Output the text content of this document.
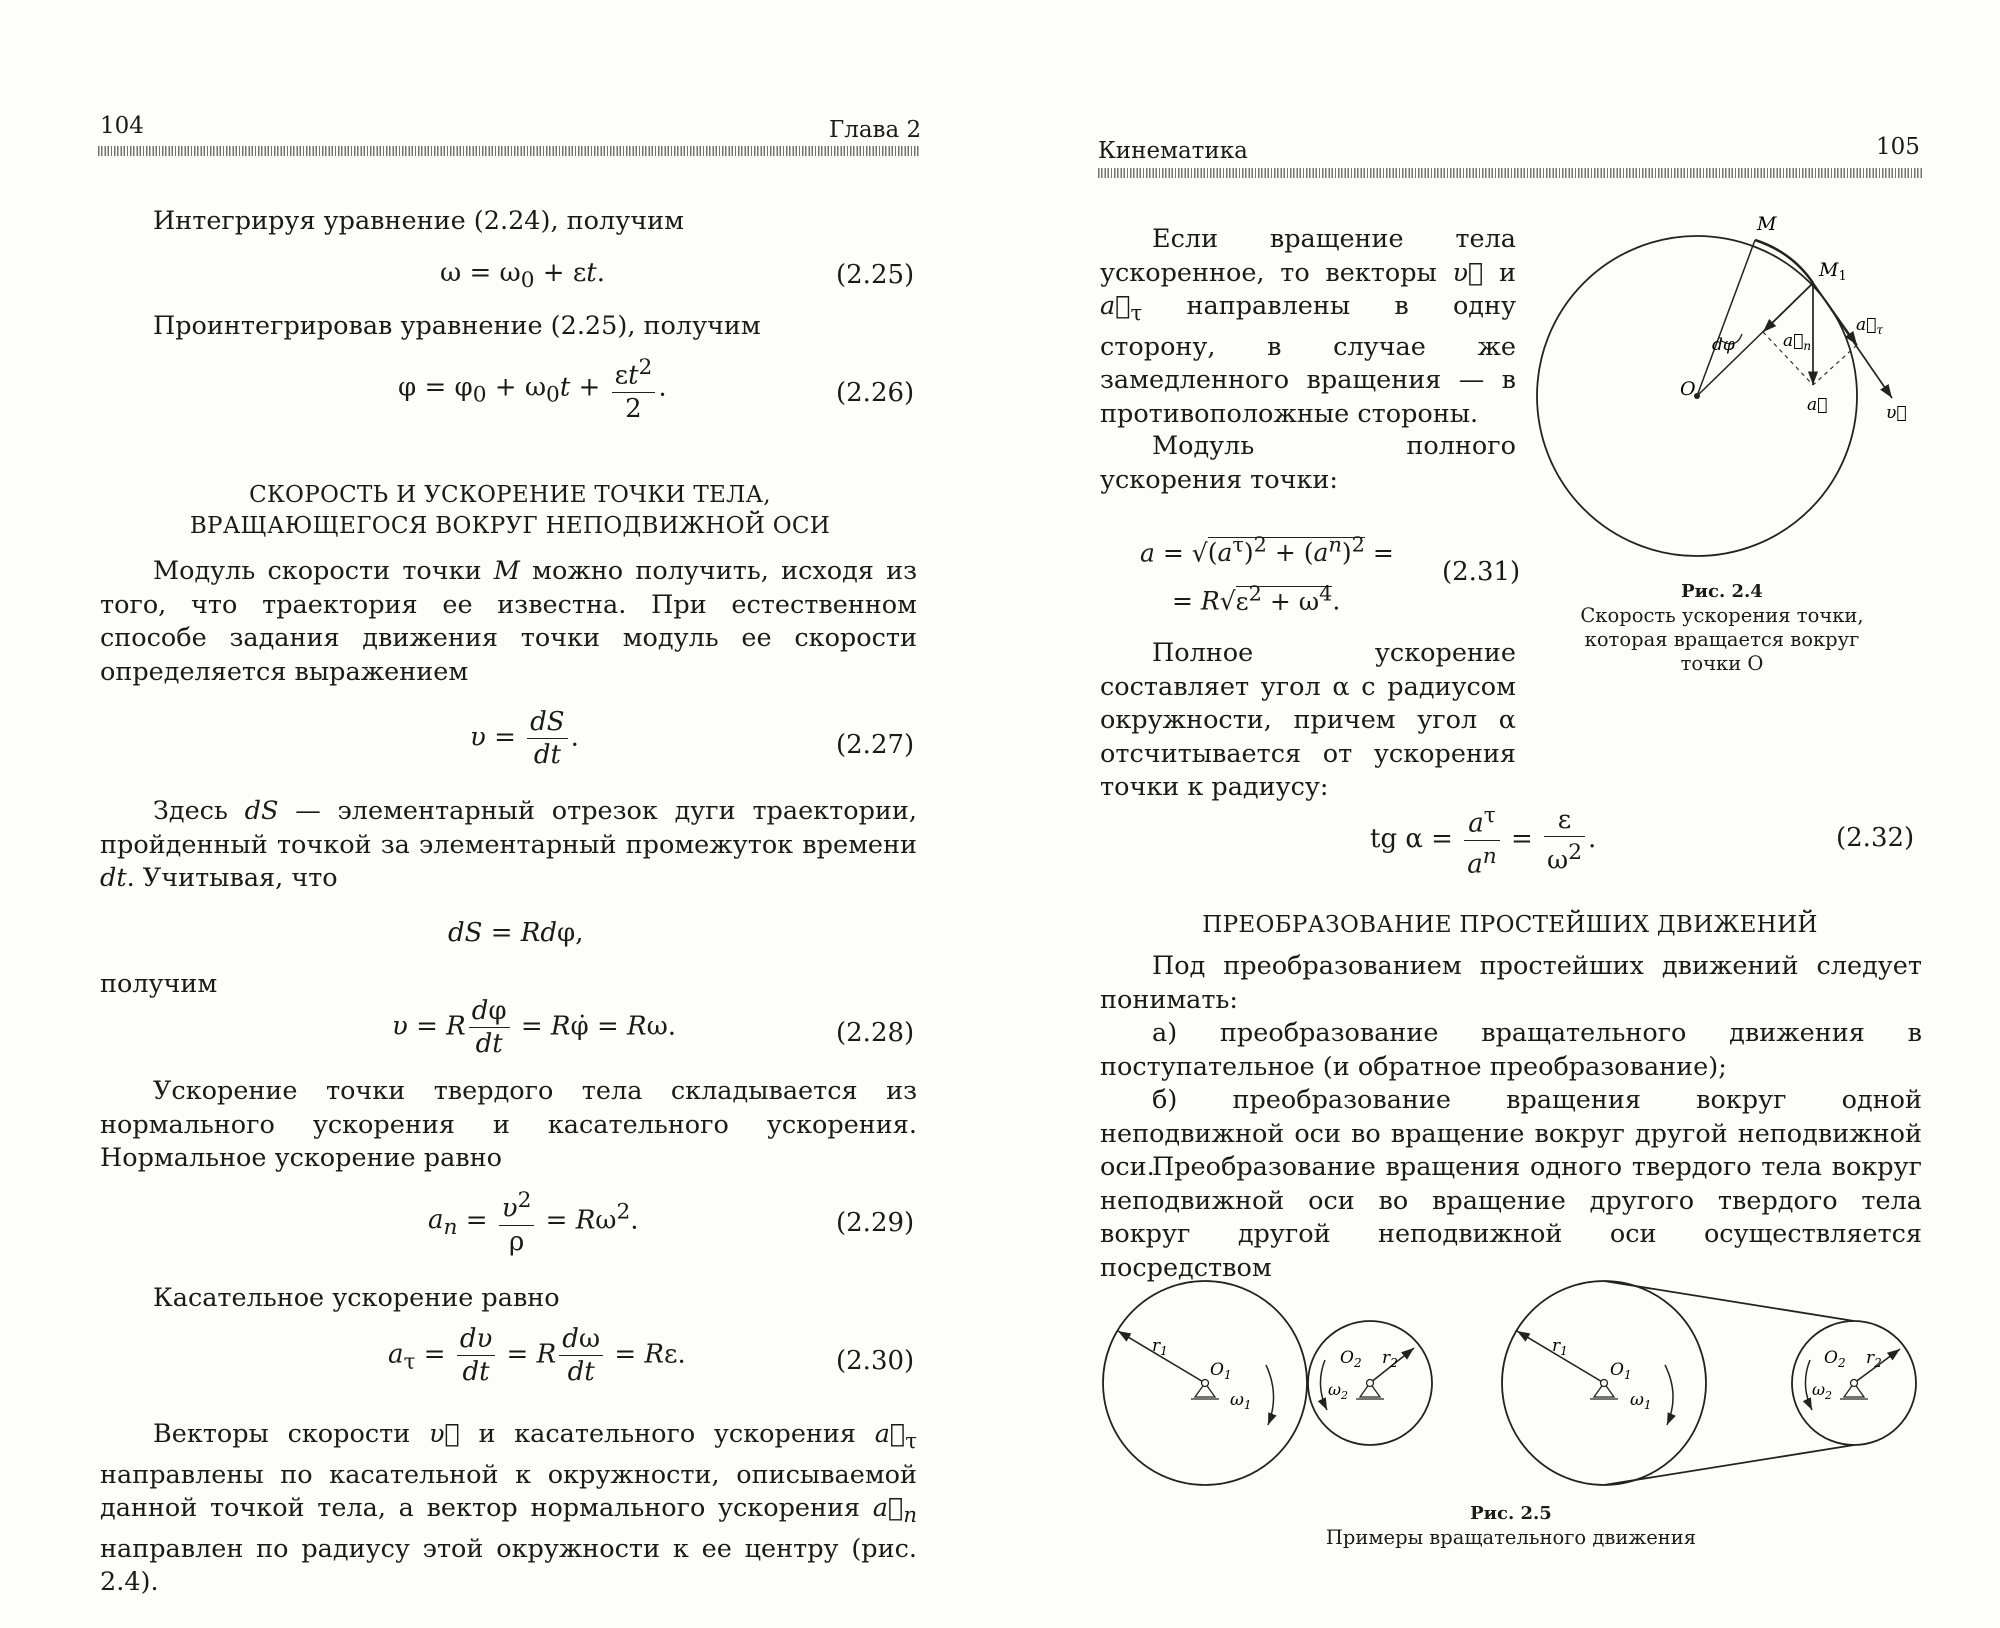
104	Глава 2
Интегрируя уравнение (2.24), получим
$\omega = \omega_0 + \varepsilon t$.	(2.25)
Проинтегрировав уравнение (2.25), получим
$\varphi = \varphi_0 + \omega_0t + \frac{\varepsilon t^2}{2}$ .	(2.26)
СКОРОСТЬ И УСКОРЕНИЕ ТОЧКИ ТЕЛА,
ВРАЩАЮЩЕГОСЯ ВОКРУГ НЕПОДВИЖНОЙ ОСИ
Модуль скорости точки M можно получить, исходя из того, что траектория ее известна. При естественном способе задания движения точки модуль ее скорости определяется выражением
$\upsilon = \frac{dS}{dt}$ .	(2.27)
Здесь dS — элементарный отрезок дуги траектории, пройденный точкой за элементарный промежуток времени dt. Учитывая, что
dS = Rdφ,
получим
υ = R $\frac{d\varphi}{dt}$ = Rφ̇ = Rω.	(2.28)
Ускорение точки твердого тела складывается из нормального ускорения и касательного ускорения. Нормальное ускорение равно
$a_n = \frac{\upsilon^2}{\rho} = R\omega^2$.	(2.29)
Касательное ускорение равно
$a_\tau = \frac{d\upsilon}{dt} = R \frac{d\omega}{dt} = R\varepsilon$.	(2.30)
Векторы скорости υ⃗ и касательного ускорения $a⃗_\tau$ направлены по касательной к окружности, описываемой данной точкой тела, а вектор нормального ускорения $a⃗_n$ направлен по радиусу этой окружности к ее центру (рис. 2.4).
Кинематика	105
Если вращение тела ускоренное, то векторы υ⃗ и $a⃗_\tau$ направлены в одну сторону, в случае же замедленного вращения — в противоположные стороны.
Модуль полного ускорения точки:
$a = √(a^\tau)^2 + (a^n)^2$ =
= $R√\varepsilon^2 + \omega^4$.
(2.31)
Полное ускорение составляет угол α с радиусом окружности, причем угол α отсчитывается от ускорения точки к радиусу:
tg $\alpha = \frac{a^\tau}{a^n} = \frac{\varepsilon}{\omega^2}$ .	(2.32)
M
$M_1$
O
dφ	$a⃗_n$
$a⃗_\tau$
a⃗	υ⃗
Рис. 2.4
Скорость ускорения точки,
которая вращается вокруг
точки O
ПРЕОБРАЗОВАНИЕ ПРОСТЕЙШИХ ДВИЖЕНИЙ
Под преобразованием простейших движений следует понимать:
а) преобразование вращательного движения в поступательное (и обратное преобразование);
б) преобразование вращения вокруг одной неподвижной оси во вращение вокруг другой неподвижной оси.
Преобразование вращения одного твердого тела вокруг неподвижной оси во вращение другого твердого тела вокруг другой неподвижной оси осуществляется посредством
$r_1$
$O_1$
$\omega_1$
$O_2$ $r_2$
$\omega_2$
$r_1$
$O_1$
$\omega_1$
$O_2$ $r_2$
$\omega_2$
Рис. 2.5
Примеры вращательного движения
